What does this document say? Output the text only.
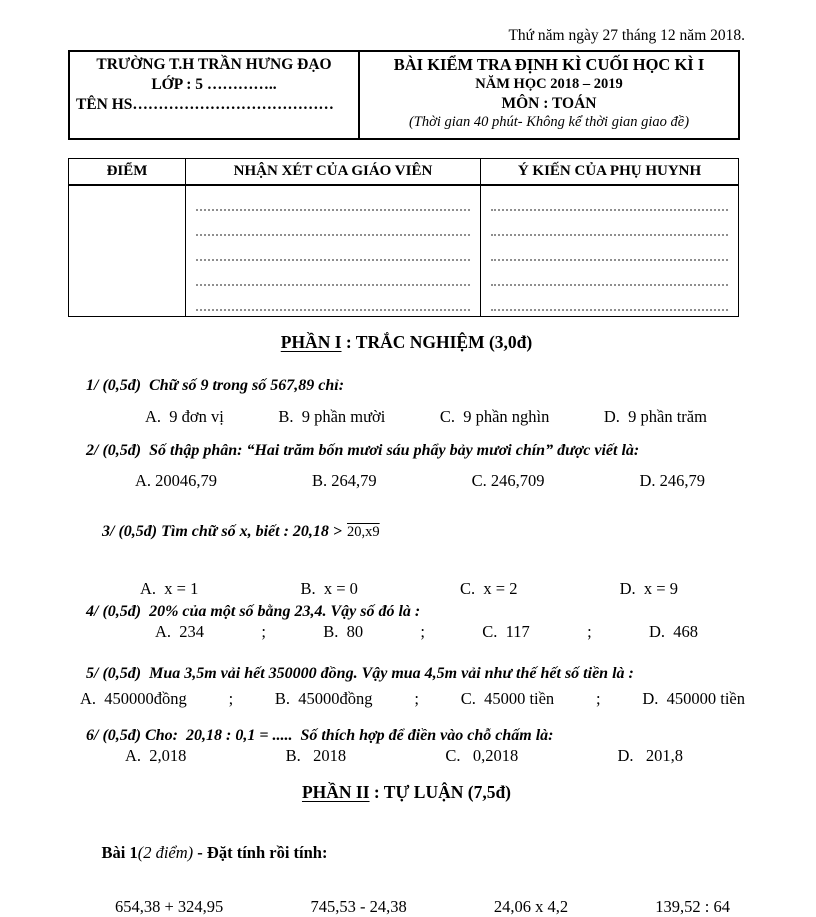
Thứ năm ngày 27 tháng 12 năm 2018.
TRƯỜNG T.H TRẦN HƯNG ĐẠO
LỚP : 5 …………..
TÊN HS…………………………………

BÀI KIỂM TRA ĐỊNH KÌ CUỐI HỌC KÌ I
NĂM HỌC 2018 – 2019
MÔN : TOÁN
(Thời gian 40 phút- Không kể thời gian giao đề)
ĐIỂM	NHẬN XÉT CỦA GIÁO VIÊN	Ý KIẾN CỦA PHỤ HUYNH

PHẦN I : TRẮC NGHIỆM (3,0đ)
1/ (0,5đ)  Chữ số 9 trong số 567,89 chỉ:
A.  9 đơn vị	B.  9 phần mười	C.  9 phần nghìn	D.  9 phần trăm
2/ (0,5đ)  Số thập phân: “Hai trăm bốn mươi sáu phẩy bảy mươi chín” được viết là:
A. 20046,79	B. 264,79	C. 246,709	D. 246,79

3/ (0,5đ) Tìm chữ số x, biết : 20,18 > 20,x9

A.  x = 1	B.  x = 0	C.  x = 2	D.  x = 9
4/ (0,5đ)  20% của một số bằng 23,4. Vậy số đó là :
A.  234	;	B.  80	;	C.  117	;	D.  468
5/ (0,5đ)  Mua 3,5m vải hết 350000 đồng. Vậy mua 4,5m vải như thế hết số tiền là :
A.  450000đồng	;	B.  45000đồng	;	C.  45000 tiền	;	D.  450000 tiền
6/ (0,5đ) Cho:  20,18 : 0,1 = .....  Số thích hợp để điền vào chỗ chấm là:
A.  2,018	B.   2018	C.   0,2018	D.   201,8
PHẦN II : TỰ LUẬN (7,5đ)

Bài 1(2 điểm) - Đặt tính rồi tính:

654,38 + 324,95	745,53 - 24,38	24,06 x 4,2	139,52 : 64
